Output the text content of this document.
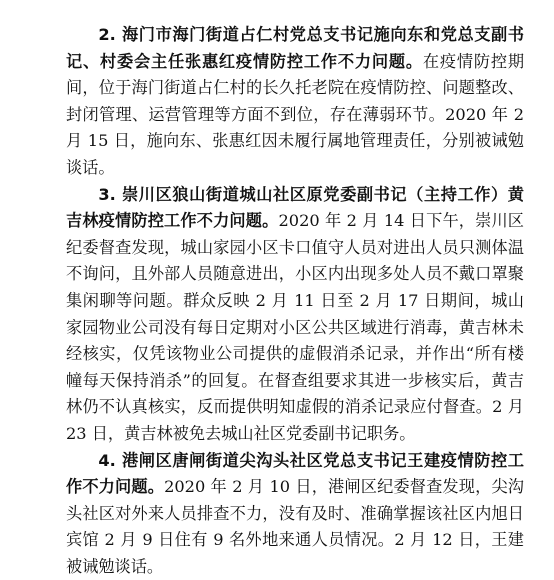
2. 海门市海门街道占仁村党总支书记施向东和党总支副书记、村委会主任张惠红疫情防控工作不力问题。在疫情防控期间，位于海门街道占仁村的长久托老院在疫情防控、问题整改、封闭管理、运营管理等方面不到位，存在薄弱环节。2020 年 2 月 15 日，施向东、张惠红因未履行属地管理责任，分别被诫勉谈话。

3. 崇川区狼山街道城山社区原党委副书记（主持工作）黄吉林疫情防控工作不力问题。2020 年 2 月 14 日下午，崇川区纪委督查发现，城山家园小区卡口值守人员对进出人员只测体温不询问，且外部人员随意进出，小区内出现多处人员不戴口罩聚集闲聊等问题。群众反映 2 月 11 日至 2 月 17 日期间，城山家园物业公司没有每日定期对小区公共区域进行消毒，黄吉林未经核实，仅凭该物业公司提供的虚假消杀记录，并作出“所有楼幢每天保持消杀”的回复。在督查组要求其进一步核实后，黄吉林仍不认真核实，反而提供明知虚假的消杀记录应付督查。2 月 23 日，黄吉林被免去城山社区党委副书记职务。

4. 港闸区唐闸街道尖沟头社区党总支书记王建疫情防控工作不力问题。2020 年 2 月 10 日，港闸区纪委督查发现，尖沟头社区对外来人员排查不力，没有及时、准确掌握该社区内旭日宾馆 2 月 9 日住有 9 名外地来通人员情况。2 月 12 日，王建被诫勉谈话。
